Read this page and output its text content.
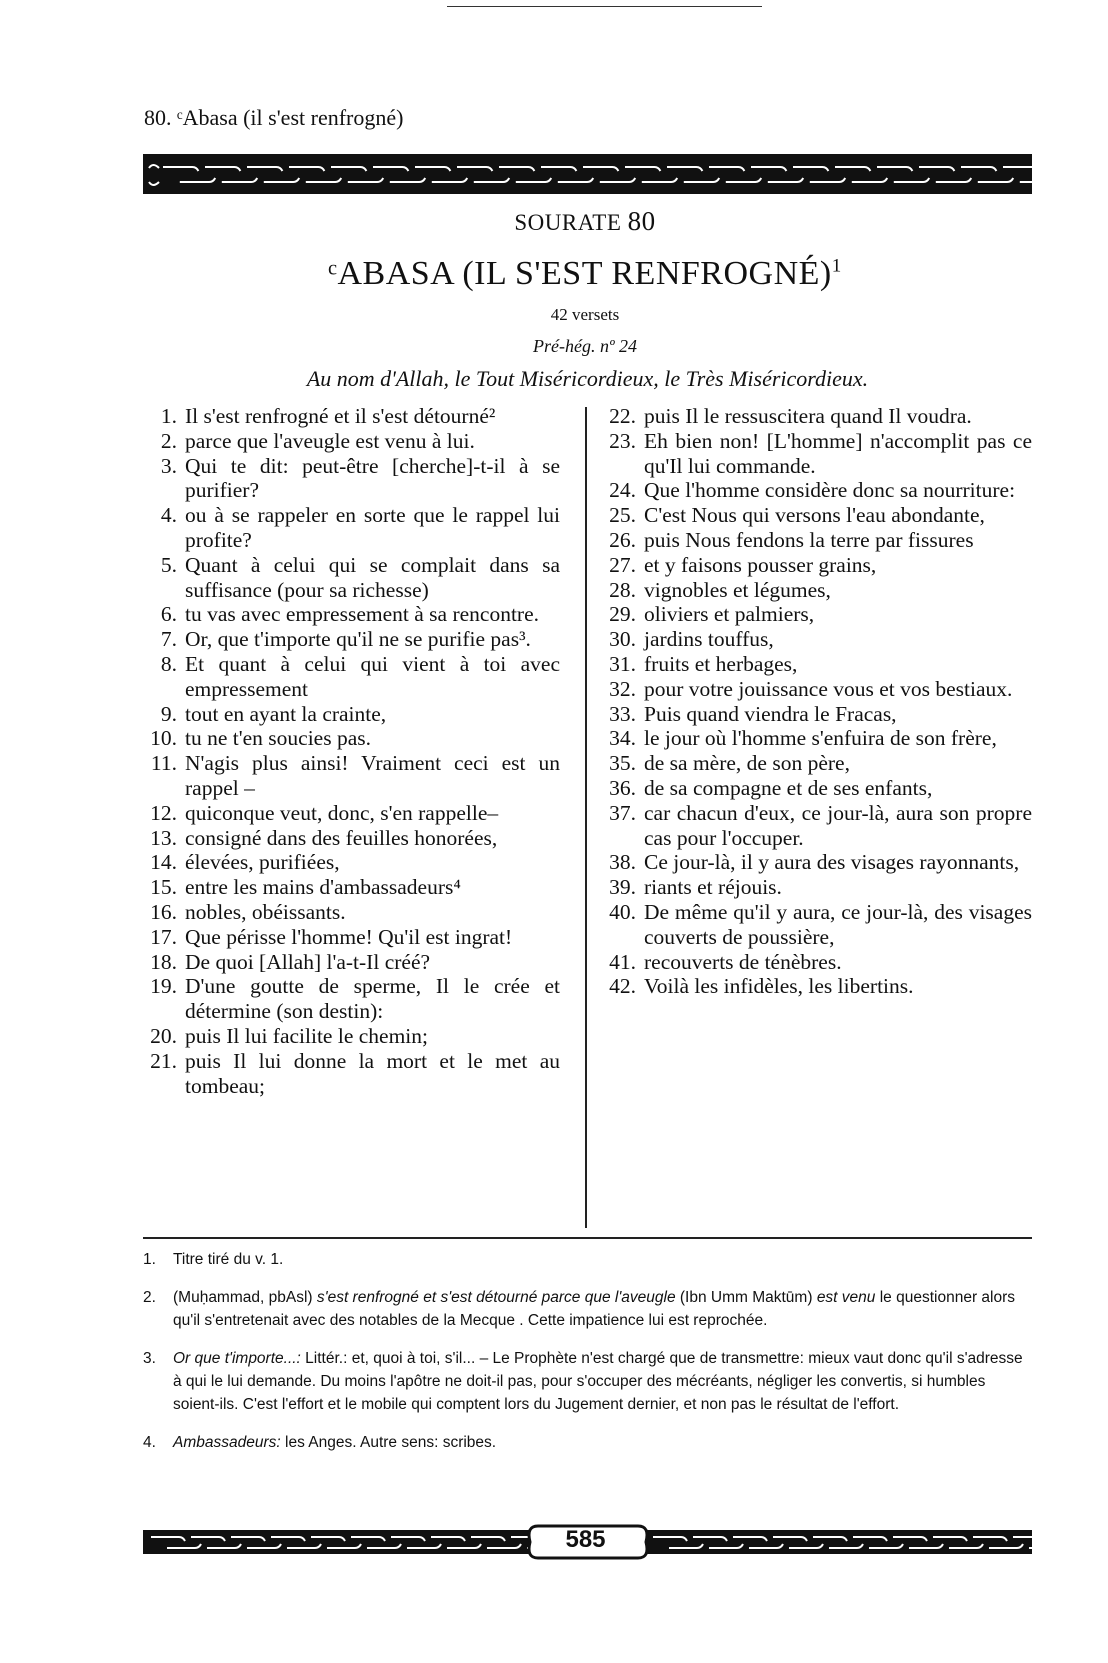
80. ᶜAbasa (il s'est renfrogné)
SOURATE 80
ᶜABASA (IL S'EST RENFROGNÉ)$^1$
42 versets
Pré-hég. nº 24
Au nom d'Allah, le Tout Miséricordieux, le Très Miséricordieux.
1. Il s'est renfrogné et il s'est détourné²
2. parce que l'aveugle est venu à lui.
3. Qui te dit: peut-être [cherche]-t-il à se purifier?
4. ou à se rappeler en sorte que le rappel lui profite?
5. Quant à celui qui se complait dans sa suffisance (pour sa richesse)
6. tu vas avec empressement à sa rencontre.
7. Or, que t'importe qu'il ne se purifie pas³.
8. Et quant à celui qui vient à toi avec empressement
9. tout en ayant la crainte,
10. tu ne t'en soucies pas.
11. N'agis plus ainsi! Vraiment ceci est un rappel –
12. quiconque veut, donc, s'en rappelle–
13. consigné dans des feuilles honorées,
14. élevées, purifiées,
15. entre les mains d'ambassadeurs⁴
16. nobles, obéissants.
17. Que périsse l'homme! Qu'il est ingrat!
18. De quoi [Allah] l'a-t-Il créé?
19. D'une goutte de sperme, Il le crée et détermine (son destin):
20. puis Il lui facilite le chemin;
21. puis Il lui donne la mort et le met au tombeau;
22. puis Il le ressuscitera quand Il voudra.
23. Eh bien non! [L'homme] n'accomplit pas ce qu'Il lui commande.
24. Que l'homme considère donc sa nourriture:
25. C'est Nous qui versons l'eau abondante,
26. puis Nous fendons la terre par fissures
27. et y faisons pousser grains,
28. vignobles et légumes,
29. oliviers et palmiers,
30. jardins touffus,
31. fruits et herbages,
32. pour votre jouissance vous et vos bestiaux.
33. Puis quand viendra le Fracas,
34. le jour où l'homme s'enfuira de son frère,
35. de sa mère, de son père,
36. de sa compagne et de ses enfants,
37. car chacun d'eux, ce jour-là, aura son propre cas pour l'occuper.
38. Ce jour-là, il y aura des visages rayonnants,
39. riants et réjouis.
40. De même qu'il y aura, ce jour-là, des visages couverts de poussière,
41. recouverts de ténèbres.
42. Voilà les infidèles, les libertins.
1.	Titre tiré du v. 1.
2.	(Muḥammad, pbAsl) s'est renfrogné et s'est détourné parce que l'aveugle (Ibn Umm Maktūm) est venu le questionner alors qu'il s'entretenait avec des notables de la Mecque . Cette impatience lui est reprochée.
3.	Or que t'importe...: Littér.: et, quoi à toi, s'il... – Le Prophète n'est chargé que de transmettre: mieux vaut donc qu'il s'adresse à qui le lui demande. Du moins l'apôtre ne doit-il pas, pour s'occuper des mécréants, négliger les convertis, si humbles soient-ils. C'est l'effort et le mobile qui comptent lors du Jugement dernier, et non pas le résultat de l'effort.
4.	Ambassadeurs: les Anges. Autre sens: scribes.
585
